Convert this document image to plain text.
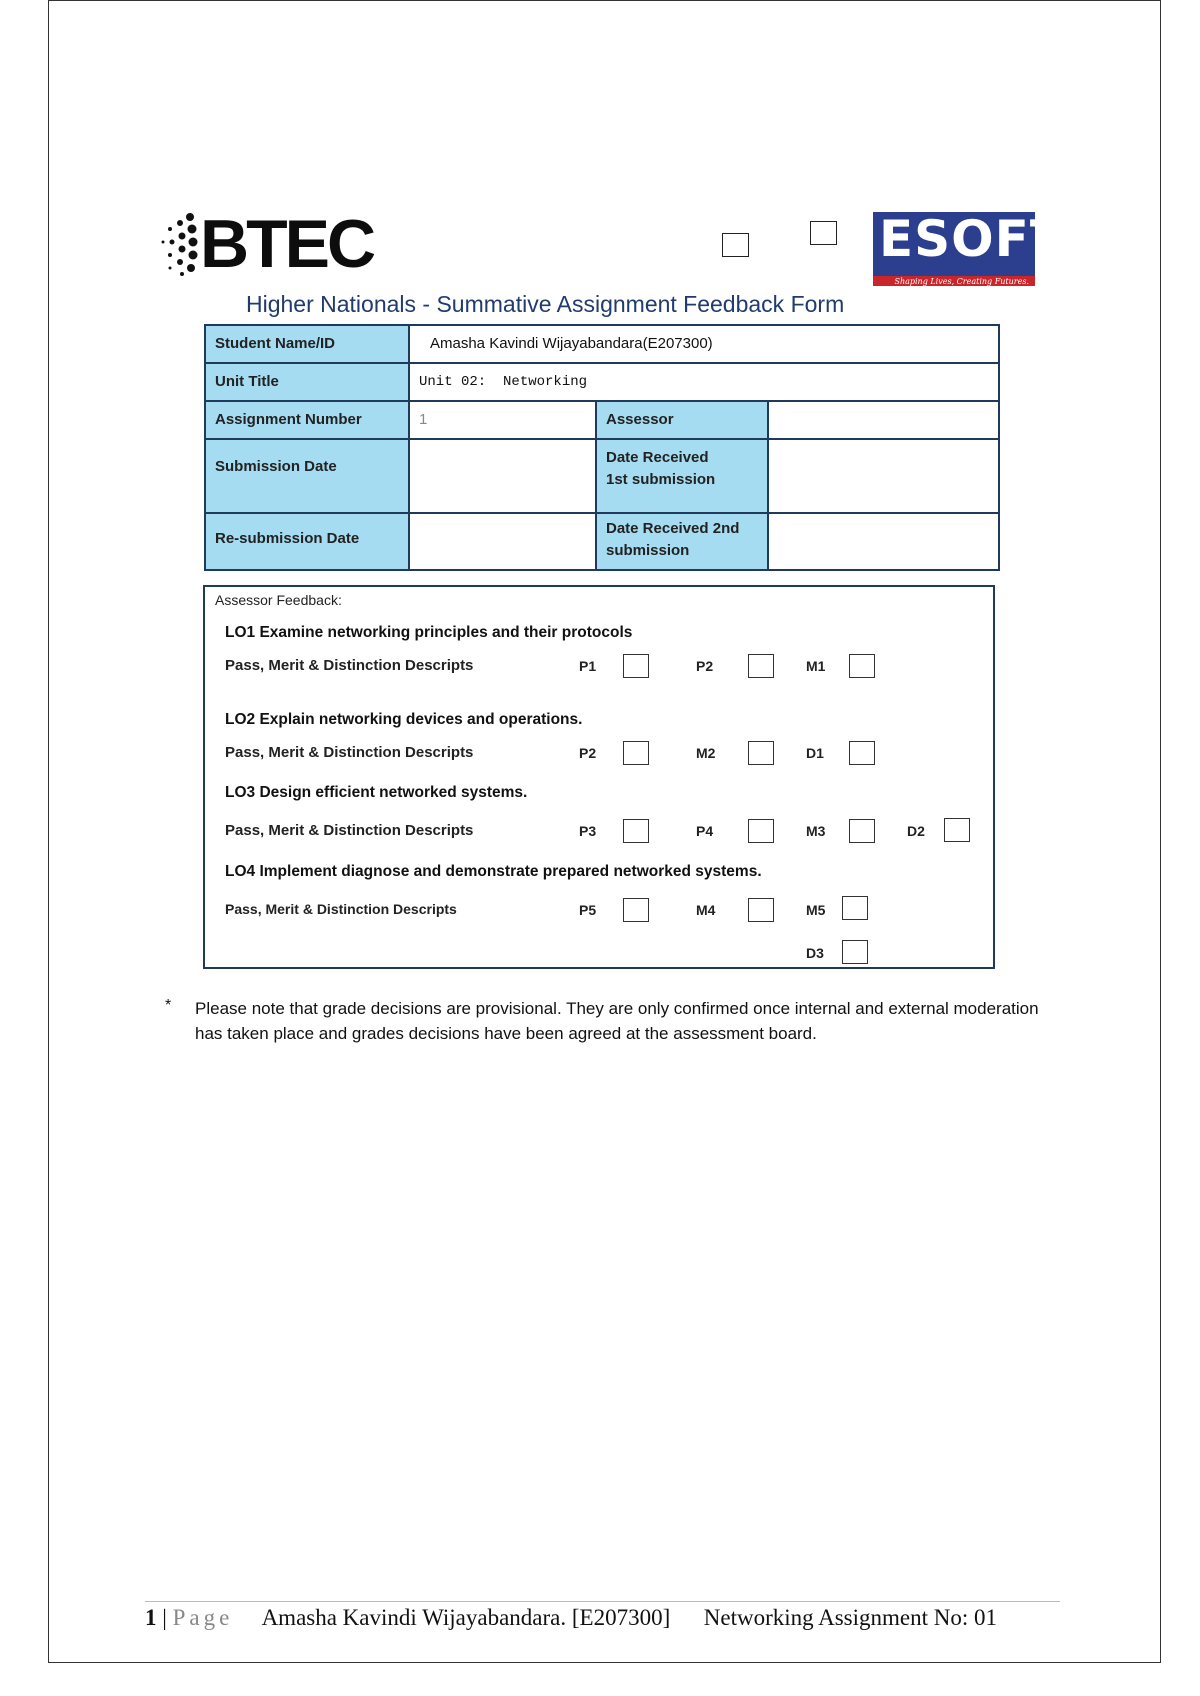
BTEC	ESOFT
Shaping Lives, Creating Futures.
Higher Nationals - Summative Assignment Feedback Form
Student Name/ID	Amasha Kavindi Wijayabandara(E207300)		
Unit Title	Unit 02:  Networking		
Assignment Number	1	Assessor	
Submission Date		Date Received 1st submission	
Re-submission Date		Date Received 2nd submission	
Assessor Feedback:
LO1 Examine networking principles and their protocols
Pass, Merit & Distinction Descripts	P1	P2	M1
LO2 Explain networking devices and operations.
Pass, Merit & Distinction Descripts	P2	M2	D1
LO3 Design efficient networked systems.
Pass, Merit & Distinction Descripts	P3	P4	M3	D2
LO4 Implement diagnose and demonstrate prepared networked systems.
Pass, Merit & Distinction Descripts	P5	M4	M5
D3
* Please note that grade decisions are provisional. They are only confirmed once internal and external moderation has taken place and grades decisions have been agreed at the assessment board.
1 | Page Amasha Kavindi Wijayabandara. [E207300] Networking Assignment No: 01
